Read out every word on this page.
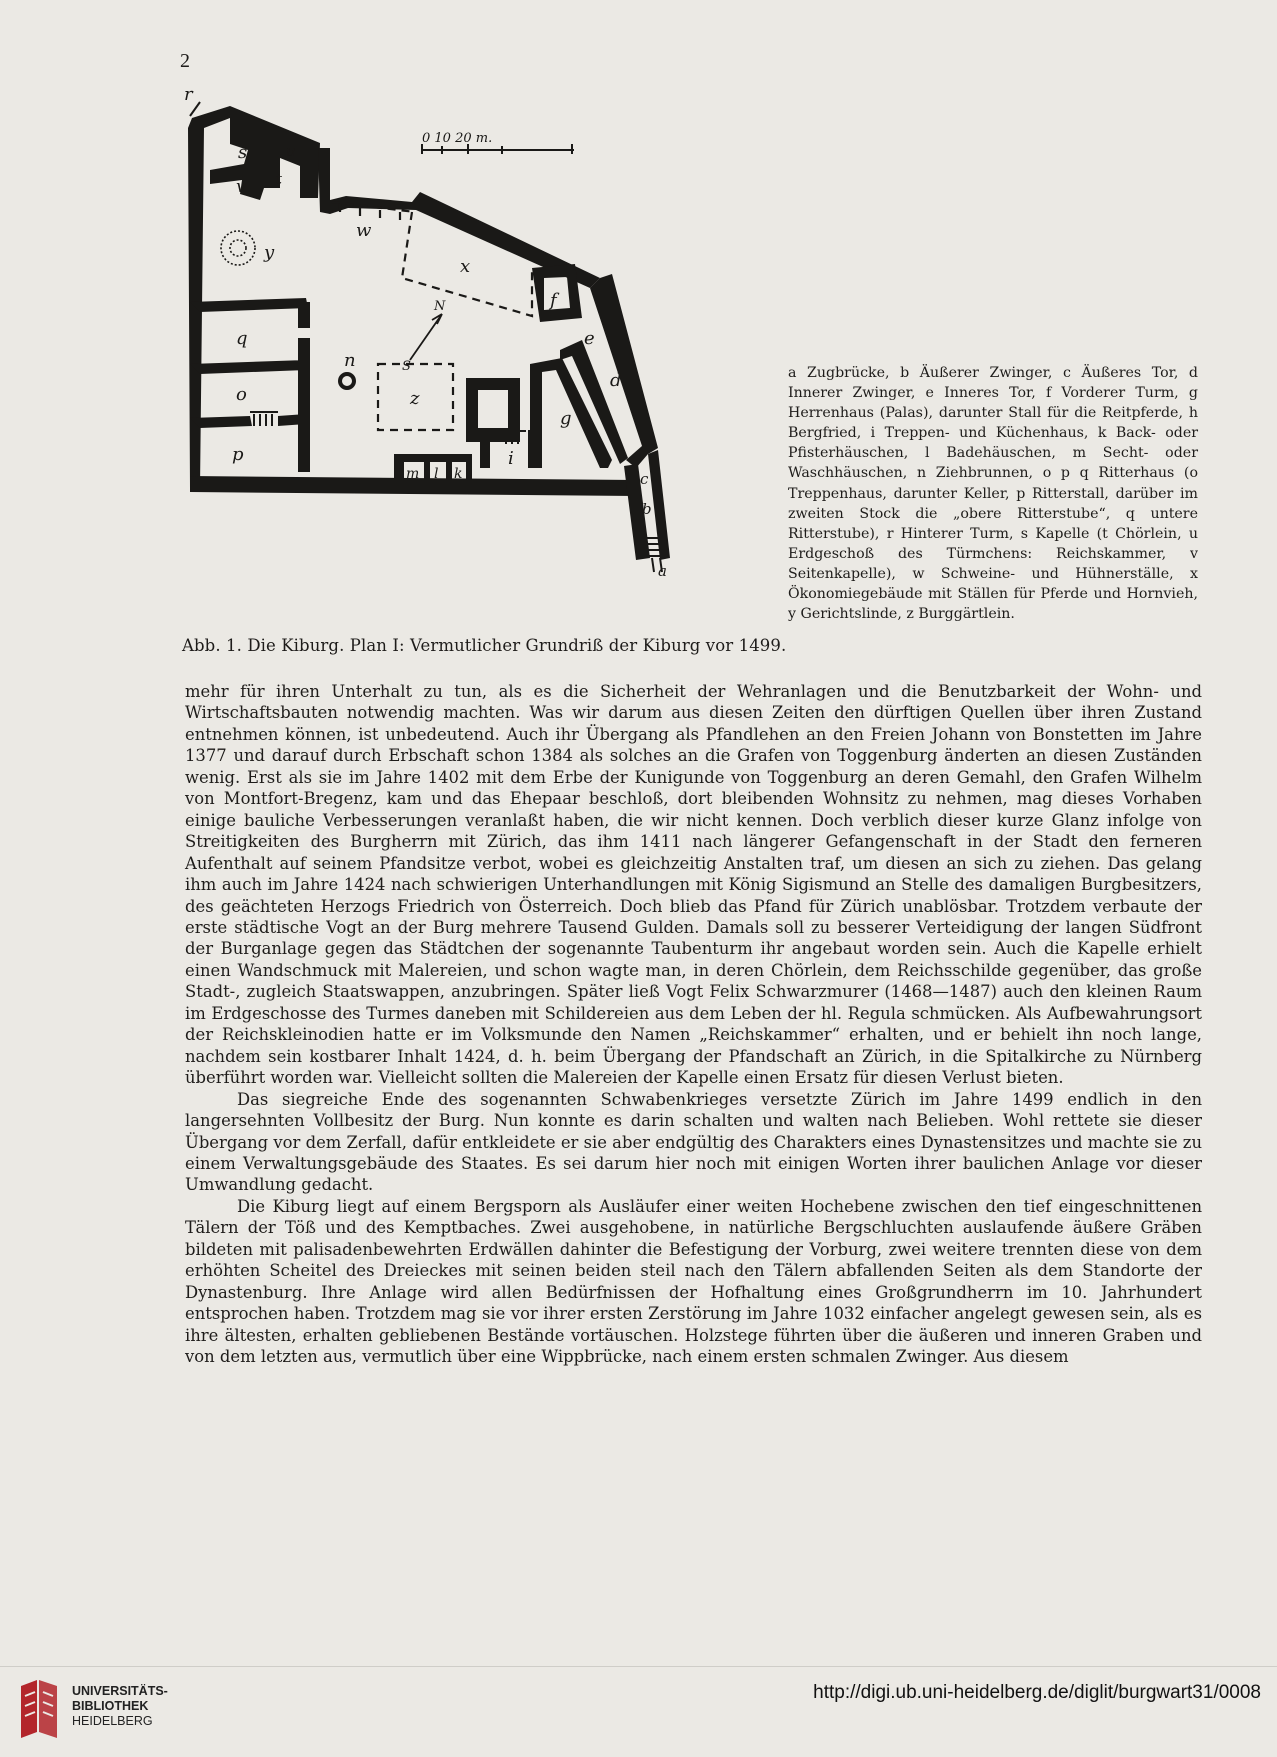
2
0 10 20 m.
r
s	u
t
v
w
y
x
f
e
d
q
n
N
S
z	h
o
g
p	i
m l k	c
b
a
Abb. 1. Die Kiburg. Plan I: Vermutlicher Grundriß der Kiburg vor 1499.
a Zugbrücke, b Äußerer Zwinger, c Äußeres Tor, d Innerer Zwinger, e Inneres Tor, f Vorderer Turm, g Herrenhaus (Palas), darunter Stall für die Reitpferde, h Bergfried, i Treppen- und Küchenhaus, k Back- oder Pfisterhäuschen, l Badehäuschen, m Secht- oder Waschhäuschen, n Ziehbrunnen, o p q Ritterhaus (o Treppenhaus, darunter Keller, p Ritterstall, darüber im zweiten Stock die „obere Ritterstube“, q untere Ritterstube), r Hinterer Turm, s Kapelle (t Chörlein, u Erdgeschoß des Türmchens: Reichskammer, v Seitenkapelle), w Schweine- und Hühnerställe, x Ökonomiegebäude mit Ställen für Pferde und Hornvieh, y Gerichtslinde, z Burggärtlein.

mehr für ihren Unterhalt zu tun, als es die Sicherheit der Wehranlagen und die Benutzbarkeit der Wohn- und Wirtschaftsbauten notwendig machten. Was wir darum aus diesen Zeiten den dürftigen Quellen über ihren Zustand entnehmen können, ist unbedeutend. Auch ihr Übergang als Pfandlehen an den Freien Johann von Bonstetten im Jahre 1377 und darauf durch Erbschaft schon 1384 als solches an die Grafen von Toggenburg änderten an diesen Zuständen wenig. Erst als sie im Jahre 1402 mit dem Erbe der Kunigunde von Toggenburg an deren Gemahl, den Grafen Wilhelm von Montfort-Bregenz, kam und das Ehepaar beschloß, dort bleibenden Wohnsitz zu nehmen, mag dieses Vorhaben einige bauliche Verbesserungen veranlaßt haben, die wir nicht kennen. Doch verblich dieser kurze Glanz infolge von Streitigkeiten des Burgherrn mit Zürich, das ihm 1411 nach längerer Gefangenschaft in der Stadt den ferneren Aufenthalt auf seinem Pfandsitze verbot, wobei es gleichzeitig Anstalten traf, um diesen an sich zu ziehen. Das gelang ihm auch im Jahre 1424 nach schwierigen Unterhandlungen mit König Sigismund an Stelle des damaligen Burgbesitzers, des geächteten Herzogs Friedrich von Österreich. Doch blieb das Pfand für Zürich unablösbar. Trotzdem verbaute der erste städtische Vogt an der Burg mehrere Tausend Gulden. Damals soll zu besserer Verteidigung der langen Südfront der Burganlage gegen das Städtchen der sogenannte Taubenturm ihr angebaut worden sein. Auch die Kapelle erhielt einen Wandschmuck mit Malereien, und schon wagte man, in deren Chörlein, dem Reichsschilde gegenüber, das große Stadt-, zugleich Staatswappen, anzubringen. Später ließ Vogt Felix Schwarzmurer (1468—1487) auch den kleinen Raum im Erdgeschosse des Turmes daneben mit Schildereien aus dem Leben der hl. Regula schmücken. Als Aufbewahrungsort der Reichskleinodien hatte er im Volksmunde den Namen „Reichskammer“ erhalten, und er behielt ihn noch lange, nachdem sein kostbarer Inhalt 1424, d. h. beim Übergang der Pfandschaft an Zürich, in die Spitalkirche zu Nürnberg überführt worden war. Vielleicht sollten die Malereien der Kapelle einen Ersatz für diesen Verlust bieten.

Das siegreiche Ende des sogenannten Schwabenkrieges versetzte Zürich im Jahre 1499 endlich in den langersehnten Vollbesitz der Burg. Nun konnte es darin schalten und walten nach Belieben. Wohl rettete sie dieser Übergang vor dem Zerfall, dafür entkleidete er sie aber endgültig des Charakters eines Dynastensitzes und machte sie zu einem Verwaltungsgebäude des Staates. Es sei darum hier noch mit einigen Worten ihrer baulichen Anlage vor dieser Umwandlung gedacht.

Die Kiburg liegt auf einem Bergsporn als Ausläufer einer weiten Hochebene zwischen den tief eingeschnittenen Tälern der Töß und des Kemptbaches. Zwei ausgehobene, in natürliche Bergschluchten auslaufende äußere Gräben bildeten mit palisadenbewehrten Erdwällen dahinter die Befestigung der Vorburg, zwei weitere trennten diese von dem erhöhten Scheitel des Dreieckes mit seinen beiden steil nach den Tälern abfallenden Seiten als dem Standorte der Dynastenburg. Ihre Anlage wird allen Bedürfnissen der Hofhaltung eines Großgrundherrn im 10. Jahrhundert entsprochen haben. Trotzdem mag sie vor ihrer ersten Zerstörung im Jahre 1032 einfacher angelegt gewesen sein, als es ihre ältesten, erhalten gebliebenen Bestände vortäuschen. Holzstege führten über die äußeren und inneren Graben und von dem letzten aus, vermutlich über eine Wippbrücke, nach einem ersten schmalen Zwinger. Aus diesem

UNIVERSITÄTS-
BIBLIOTHEK
HEIDELBERG
http://digi.ub.uni-heidelberg.de/diglit/burgwart31/0008
